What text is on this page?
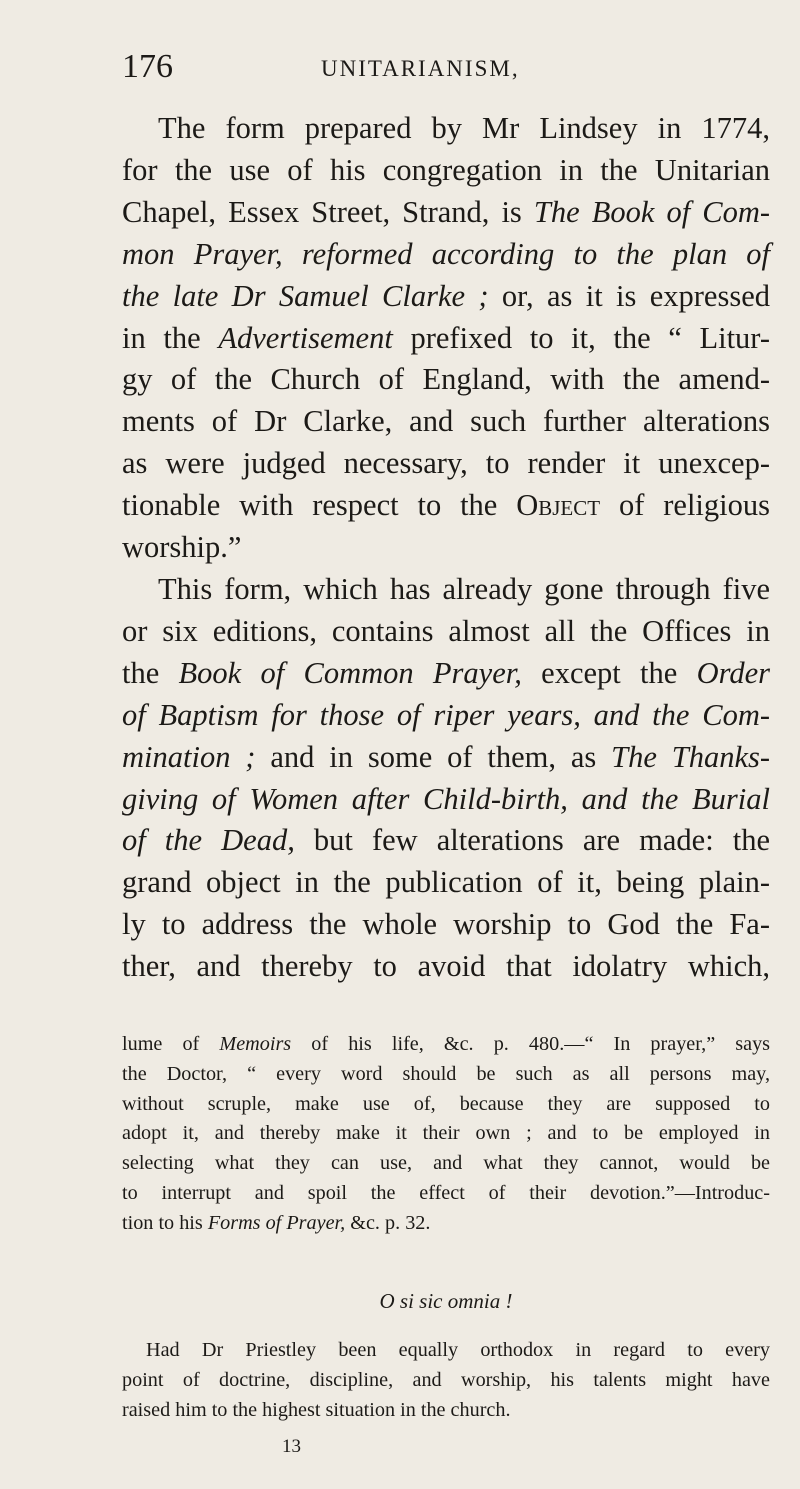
176	UNITARIANISM,
The form prepared by Mr Lindsey in 1774,
for the use of his congregation in the Unitarian
Chapel, Essex Street, Strand, is The Book of Com-
mon Prayer, reformed according to the plan of
the late Dr Samuel Clarke ; or, as it is expressed
in the Advertisement prefixed to it, the “ Litur-
gy of the Church of England, with the amend-
ments of Dr Clarke, and such further alterations
as were judged necessary, to render it unexcep-
tionable with respect to the Object of religious
worship.”
This form, which has already gone through five
or six editions, contains almost all the Offices in
the Book of Common Prayer, except the Order
of Baptism for those of riper years, and the Com-
mination ; and in some of them, as The Thanks-
giving of Women after Child-birth, and the Burial
of the Dead, but few alterations are made: the
grand object in the publication of it, being plain-
ly to address the whole worship to God the Fa-
ther, and thereby to avoid that idolatry which,
lume of Memoirs of his life, &c. p. 480.—“ In prayer,” says
the Doctor, “ every word should be such as all persons may,
without scruple, make use of, because they are supposed to
adopt it, and thereby make it their own ; and to be employed in
selecting what they can use, and what they cannot, would be
to interrupt and spoil the effect of their devotion.”—Introduc-
tion to his Forms of Prayer, &c. p. 32.
O si sic omnia !
Had Dr Priestley been equally orthodox in regard to every
point of doctrine, discipline, and worship, his talents might have
raised him to the highest situation in the church.
13
